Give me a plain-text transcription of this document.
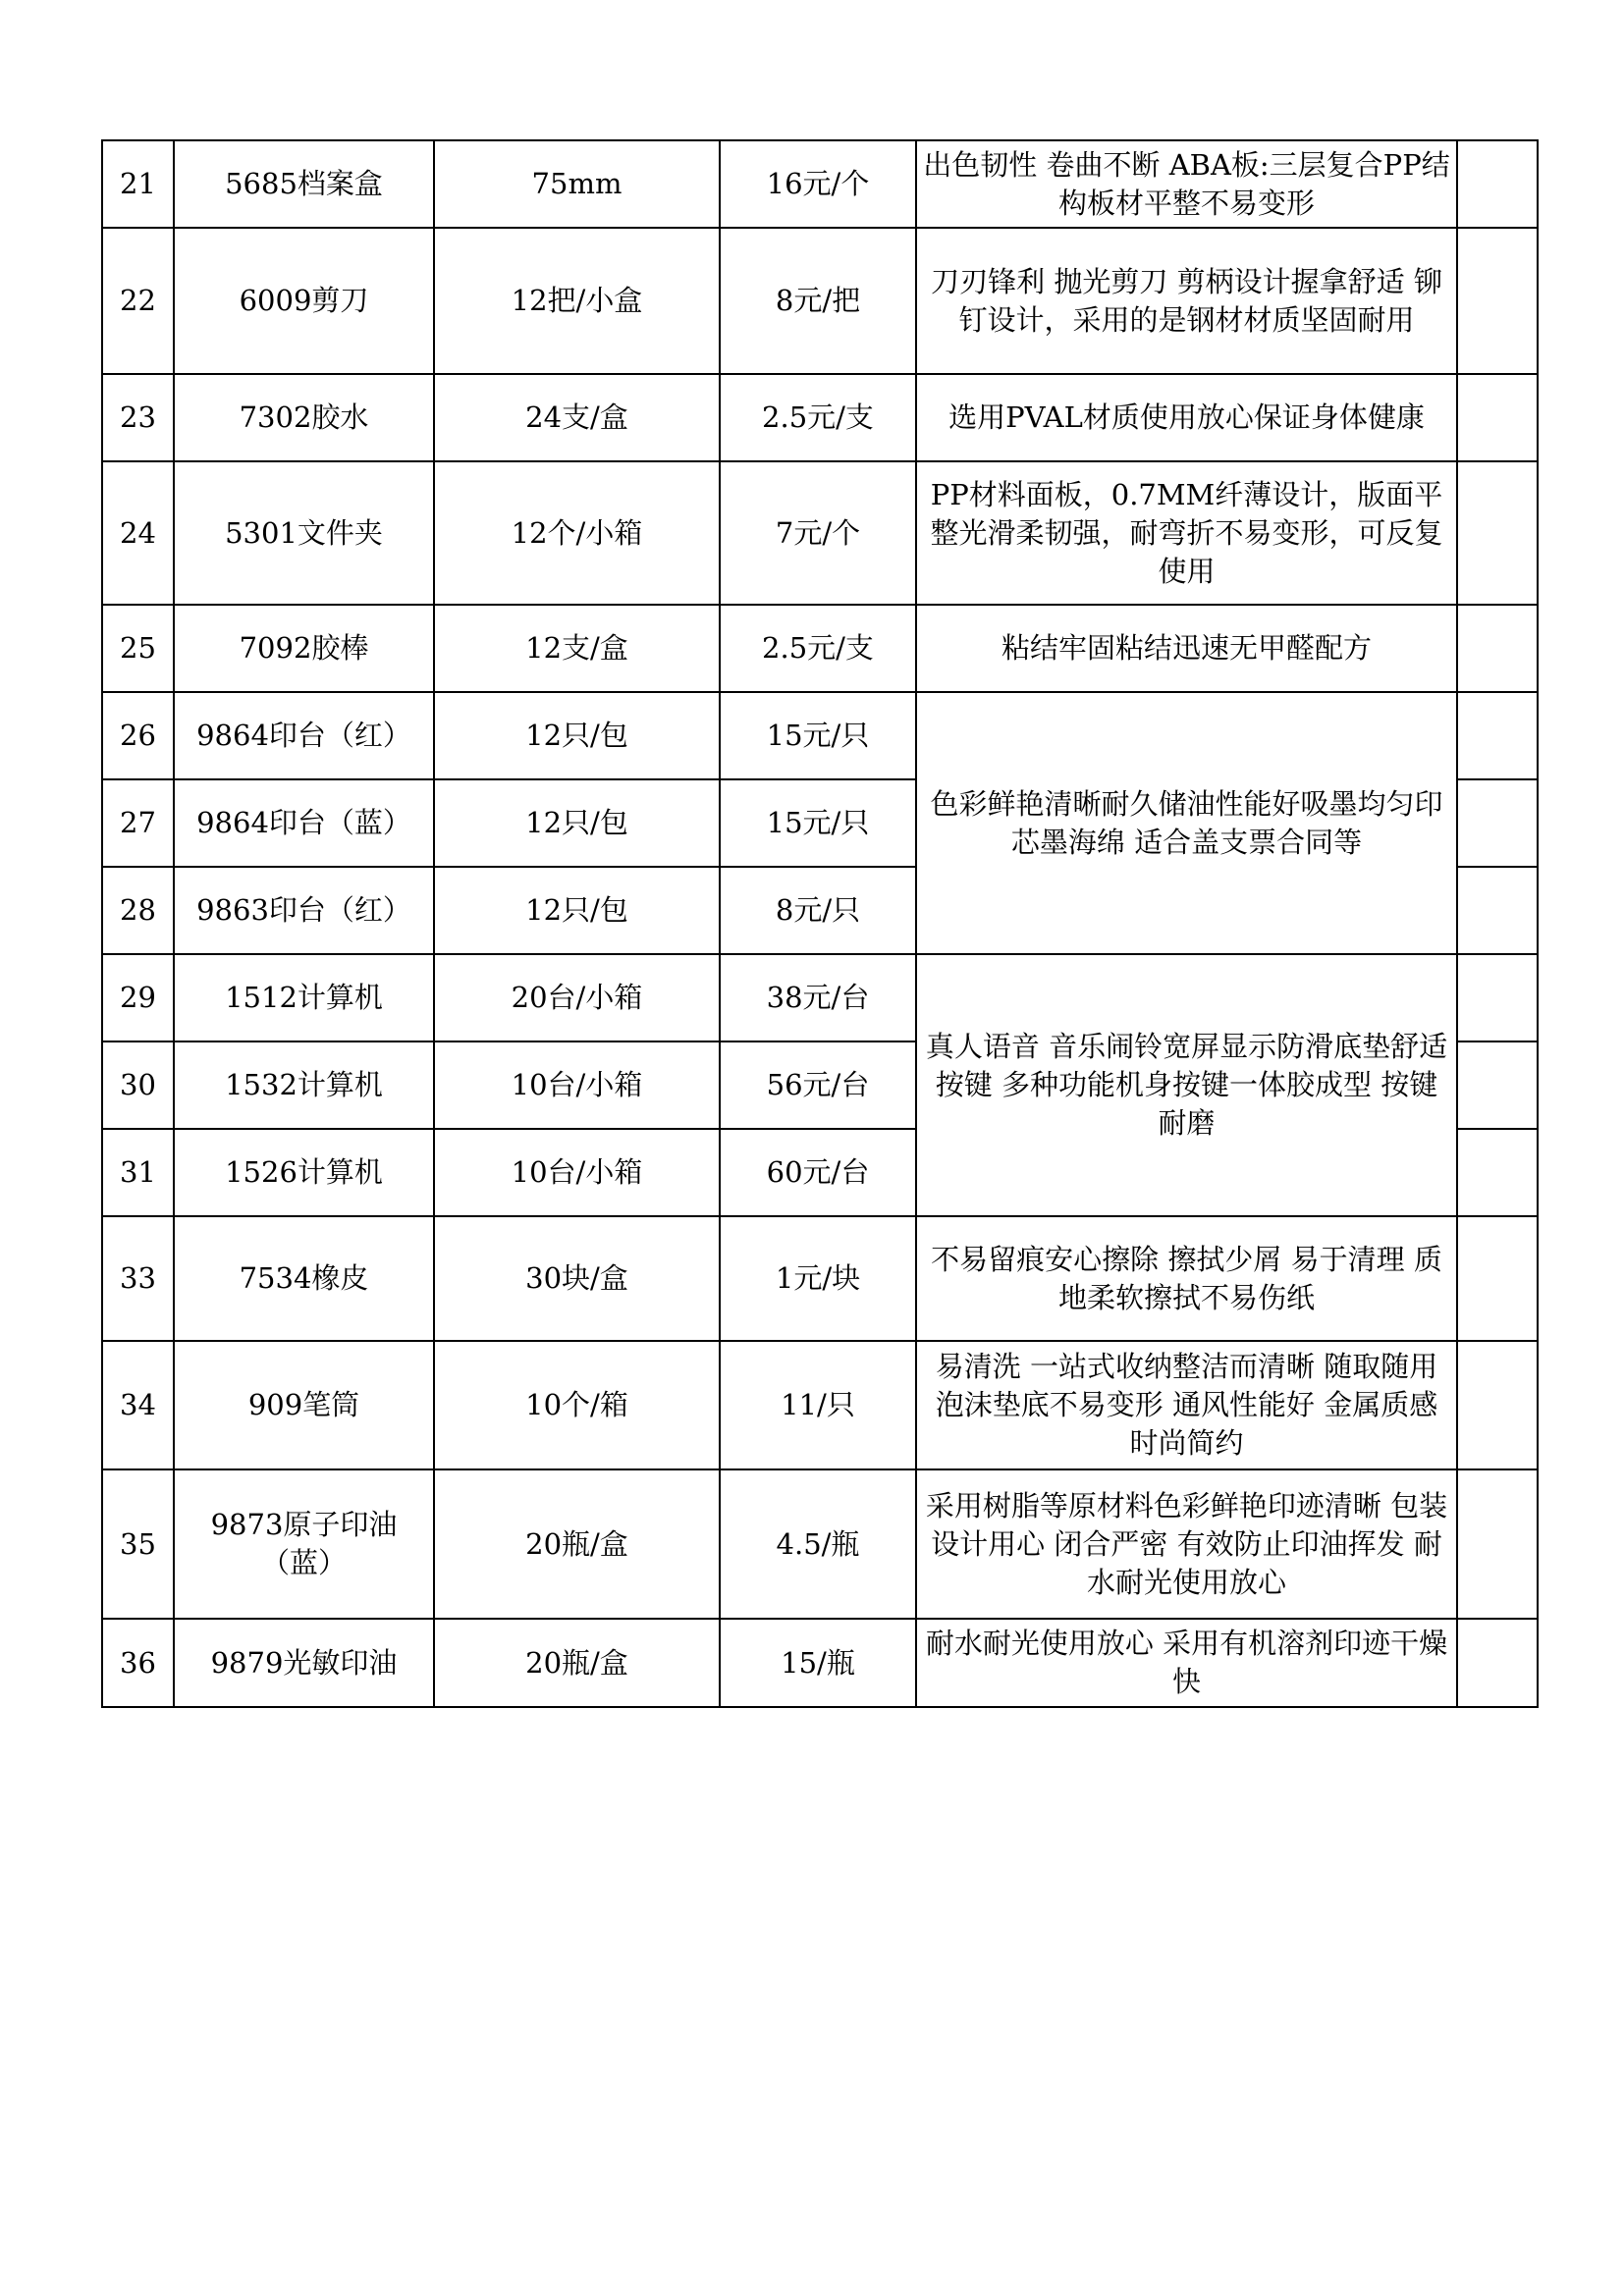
21	5685档案盒	75mm	16元/个	出色韧性 卷曲不断 ABA板:三层复合PP结构板材平整不易变形	
22	6009剪刀	12把/小盒	8元/把	刀刃锋利 抛光剪刀 剪柄设计握拿舒适 铆钉设计，采用的是钢材材质坚固耐用	
23	7302胶水	24支/盒	2.5元/支	选用PVAL材质使用放心保证身体健康	
24	5301文件夹	12个/小箱	7元/个	PP材料面板，0.7MM纤薄设计，版面平整光滑柔韧强，耐弯折不易变形，可反复使用	
25	7092胶棒	12支/盒	2.5元/支	粘结牢固粘结迅速无甲醛配方	
26	9864印台（红）	12只/包	15元/只	色彩鲜艳清晰耐久储油性能好吸墨均匀印芯墨海绵 适合盖支票合同等	
27	9864印台（蓝）	12只/包	15元/只		
28	9863印台（红）	12只/包	8元/只		
29	1512计算机	20台/小箱	38元/台	真人语音 音乐闹铃宽屏显示防滑底垫舒适按键 多种功能机身按键一体胶成型 按键耐磨	
30	1532计算机	10台/小箱	56元/台		
31	1526计算机	10台/小箱	60元/台		
33	7534橡皮	30块/盒	1元/块	不易留痕安心擦除 擦拭少屑 易于清理 质地柔软擦拭不易伤纸	
34	909笔筒	10个/箱	11/只	易清洗 一站式收纳整洁而清晰 随取随用 泡沫垫底不易变形 通风性能好 金属质感时尚简约	
35	9873原子印油（蓝）	20瓶/盒	4.5/瓶	采用树脂等原材料色彩鲜艳印迹清晰 包装设计用心 闭合严密 有效防止印油挥发 耐水耐光使用放心	
36	9879光敏印油	20瓶/盒	15/瓶	耐水耐光使用放心 采用有机溶剂印迹干燥快	
